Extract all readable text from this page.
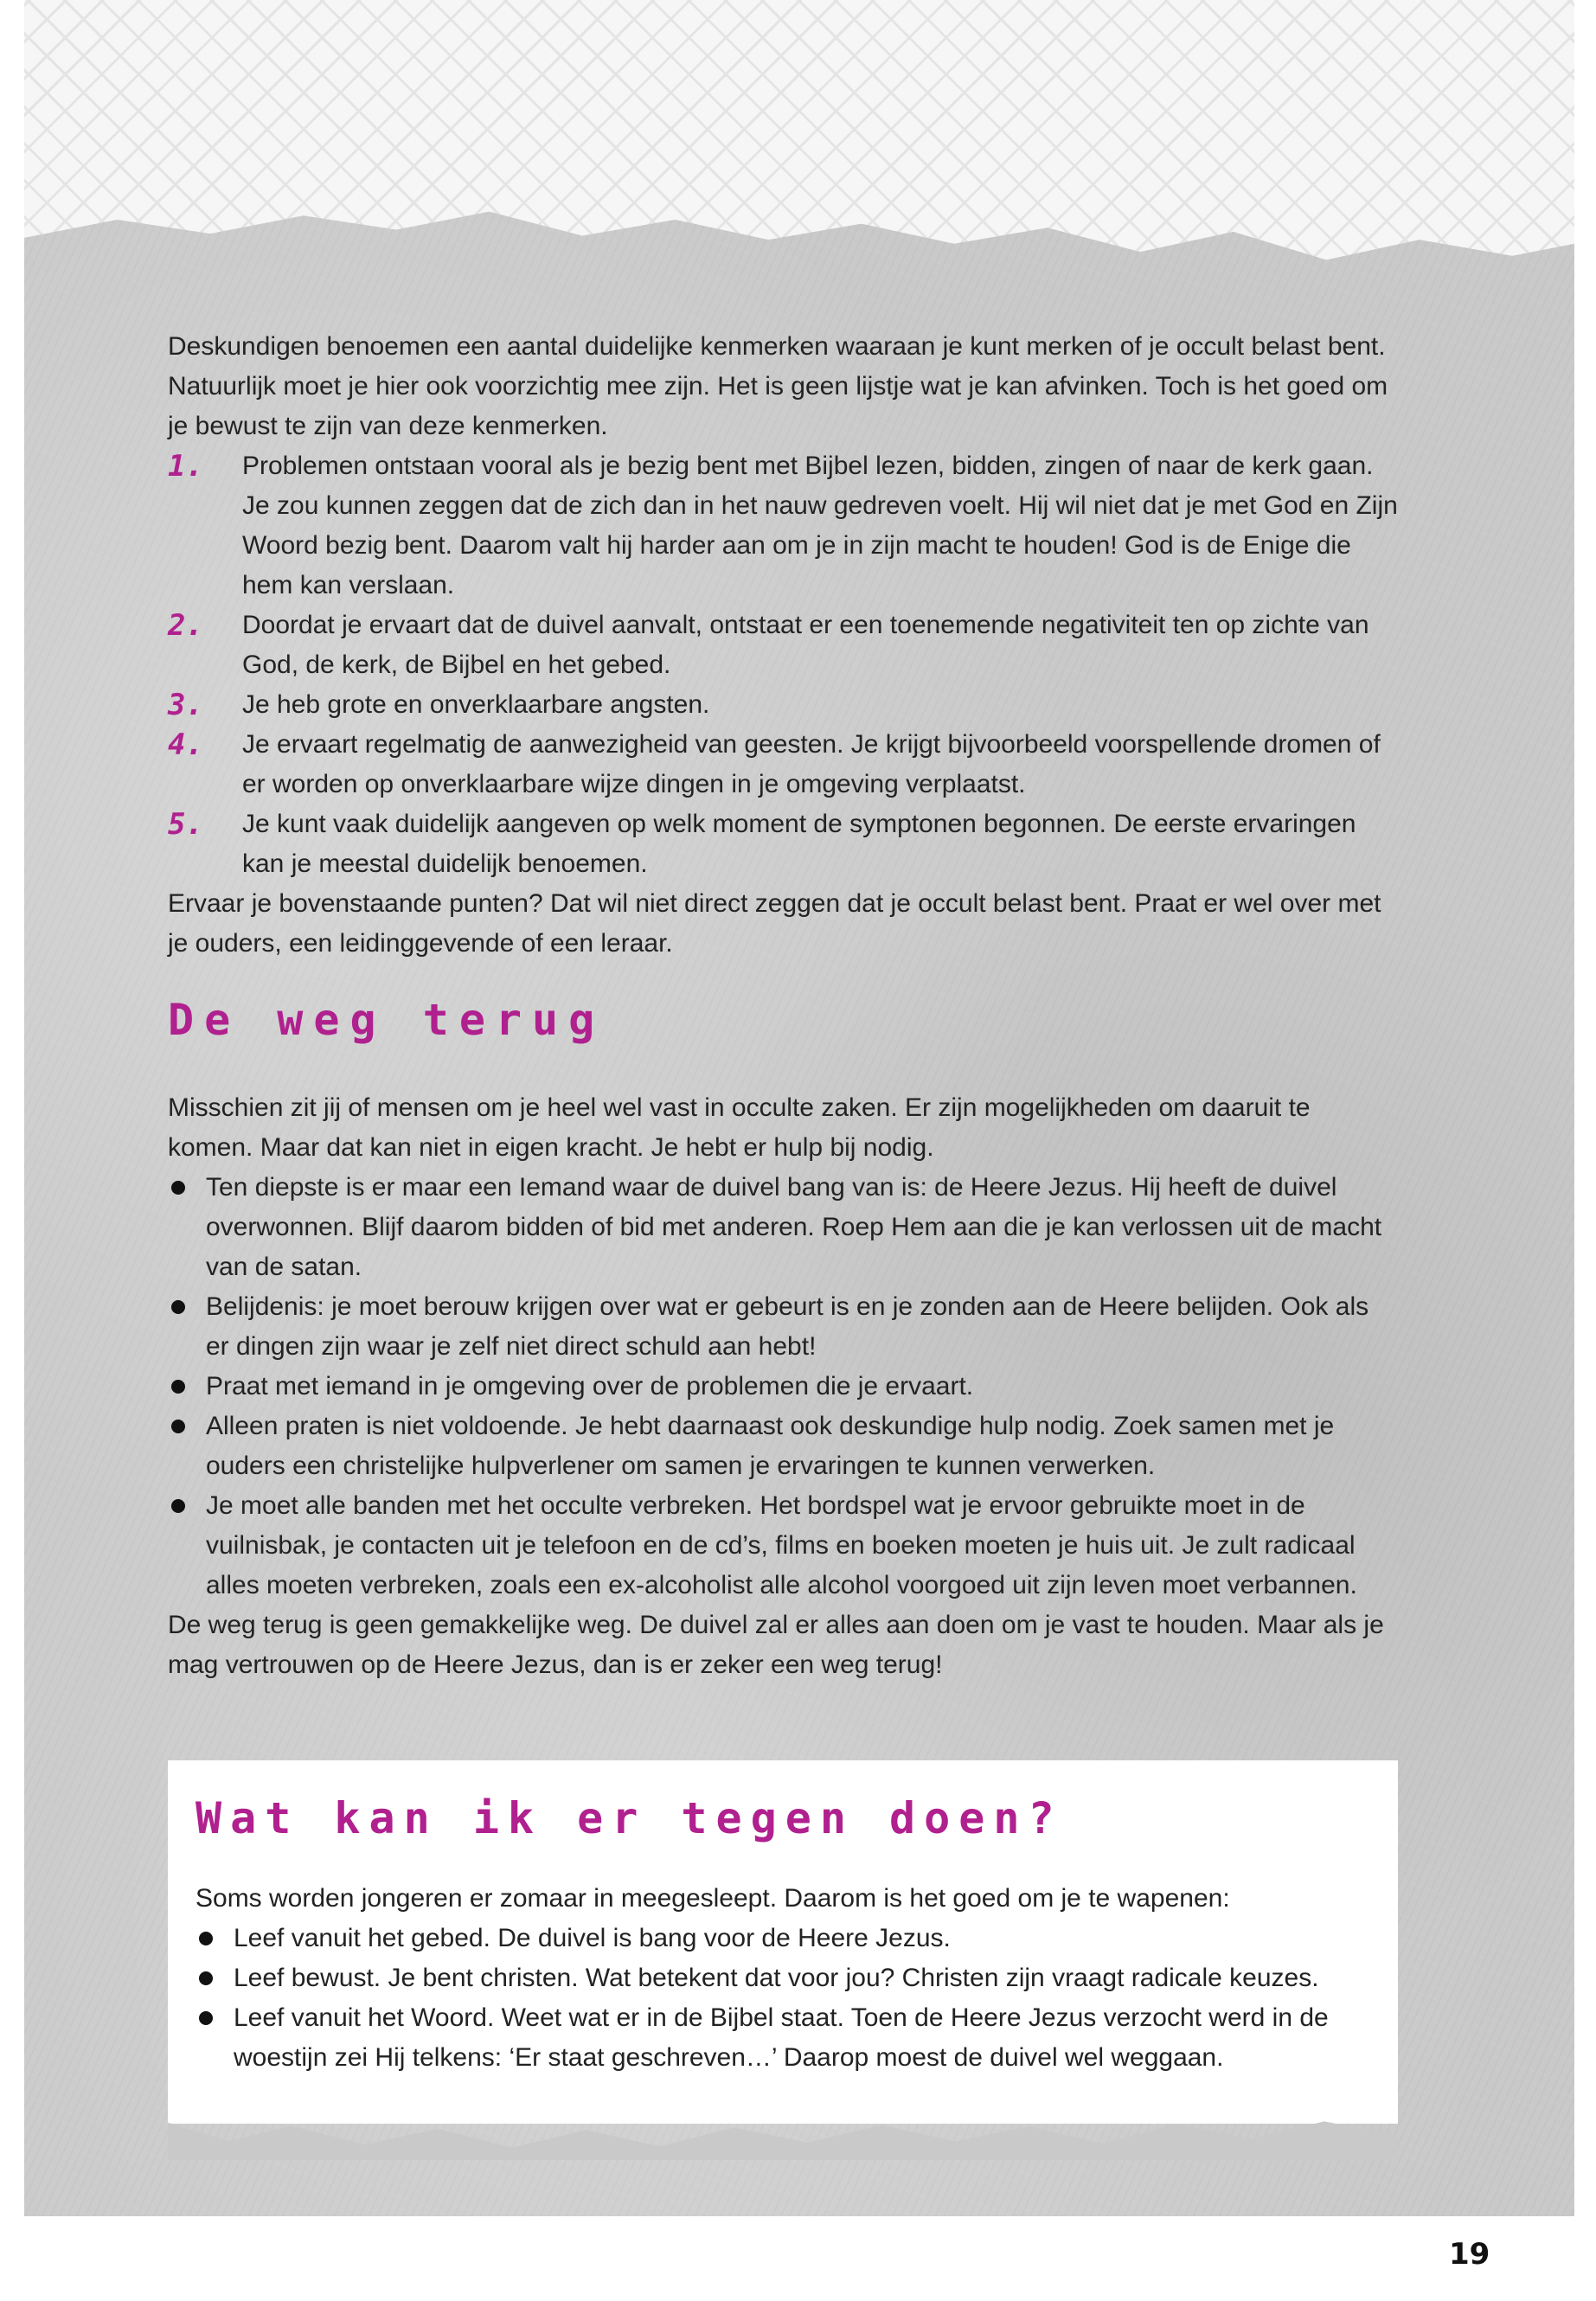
Deskundigen benoemen een aantal duidelijke kenmerken waaraan je kunt merken of je occult belast bent. Natuurlijk moet je hier ook voorzichtig mee zijn. Het is geen lijstje wat je kan afvinken. Toch is het goed om je bewust te zijn van deze kenmerken.

1. Problemen ontstaan vooral als je bezig bent met Bijbel lezen, bidden, zingen of naar de kerk gaan. Je zou kunnen zeggen dat de zich dan in het nauw gedreven voelt. Hij wil niet dat je met God en Zijn Woord bezig bent. Daarom valt hij harder aan om je in zijn macht te houden! God is de Enige die hem kan verslaan.
2. Doordat je ervaart dat de duivel aanvalt, ontstaat er een toenemende negativiteit ten op zichte van God, de kerk, de Bijbel en het gebed.
3. Je heb grote en onverklaarbare angsten.
4. Je ervaart regelmatig de aanwezigheid van geesten. Je krijgt bijvoorbeeld voorspellende dromen of er worden op onverklaarbare wijze dingen in je omgeving verplaatst.
5. Je kunt vaak duidelijk aangeven op welk moment de symptonen begonnen. De eerste ervaringen kan je meestal duidelijk benoemen.

Ervaar je bovenstaande punten? Dat wil niet direct zeggen dat je occult belast bent. Praat er wel over met je ouders, een leidinggevende of een leraar.

De weg terug

Misschien zit jij of mensen om je heel wel vast in occulte zaken. Er zijn mogelijkheden om daaruit te komen. Maar dat kan niet in eigen kracht. Je hebt er hulp bij nodig.

Ten diepste is er maar een Iemand waar de duivel bang van is: de Heere Jezus. Hij heeft de duivel overwonnen. Blijf daarom bidden of bid met anderen. Roep Hem aan die je kan verlossen uit de macht van de satan.
Belijdenis: je moet berouw krijgen over wat er gebeurt is en je zonden aan de Heere belijden. Ook als er dingen zijn waar je zelf niet direct schuld aan hebt!
Praat met iemand in je omgeving over de problemen die je ervaart.
Alleen praten is niet voldoende. Je hebt daarnaast ook deskundige hulp nodig. Zoek samen met je ouders een christelijke hulpverlener om samen je ervaringen te kunnen verwerken.
Je moet alle banden met het occulte verbreken. Het bordspel wat je ervoor gebruikte moet in de vuilnisbak, je contacten uit je telefoon en de cd’s, films en boeken moeten je huis uit. Je zult radicaal alles moeten verbreken, zoals een ex-alcoholist alle alcohol voorgoed uit zijn leven moet verbannen.

De weg terug is geen gemakkelijke weg. De duivel zal er alles aan doen om je vast te houden. Maar als je mag vertrouwen op de Heere Jezus, dan is er zeker een weg terug!

Wat kan ik er tegen doen?

Soms worden jongeren er zomaar in meegesleept. Daarom is het goed om je te wapenen:

Leef vanuit het gebed. De duivel is bang voor de Heere Jezus.
Leef bewust. Je bent christen. Wat betekent dat voor jou? Christen zijn vraagt radicale keuzes.
Leef vanuit het Woord. Weet wat er in de Bijbel staat. Toen de Heere Jezus verzocht werd in de woestijn zei Hij telkens: ‘Er staat geschreven…’ Daarop moest de duivel wel weggaan.
19
